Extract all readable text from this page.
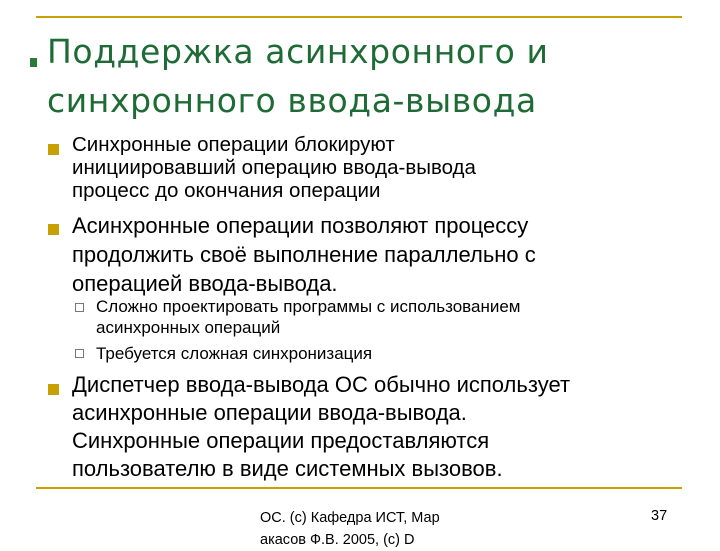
Поддержка асинхронного и
синхронного ввода-вывода
Синхронные операции блокируют
инициировавший операцию ввода-вывода
процесс до окончания операции
Асинхронные операции позволяют процессу
продолжить своё выполнение параллельно с
операцией ввода-вывода.
Сложно проектировать программы с использованием
асинхронных операций
Требуется сложная синхронизация
Диспетчер ввода-вывода ОС обычно использует
асинхронные операции ввода-вывода.
Синхронные операции предоставляются
пользователю в виде системных вызовов.
ОС. (с) Кафедра ИСТ, Мар
акасов Ф.В. 2005, (с) D
37
